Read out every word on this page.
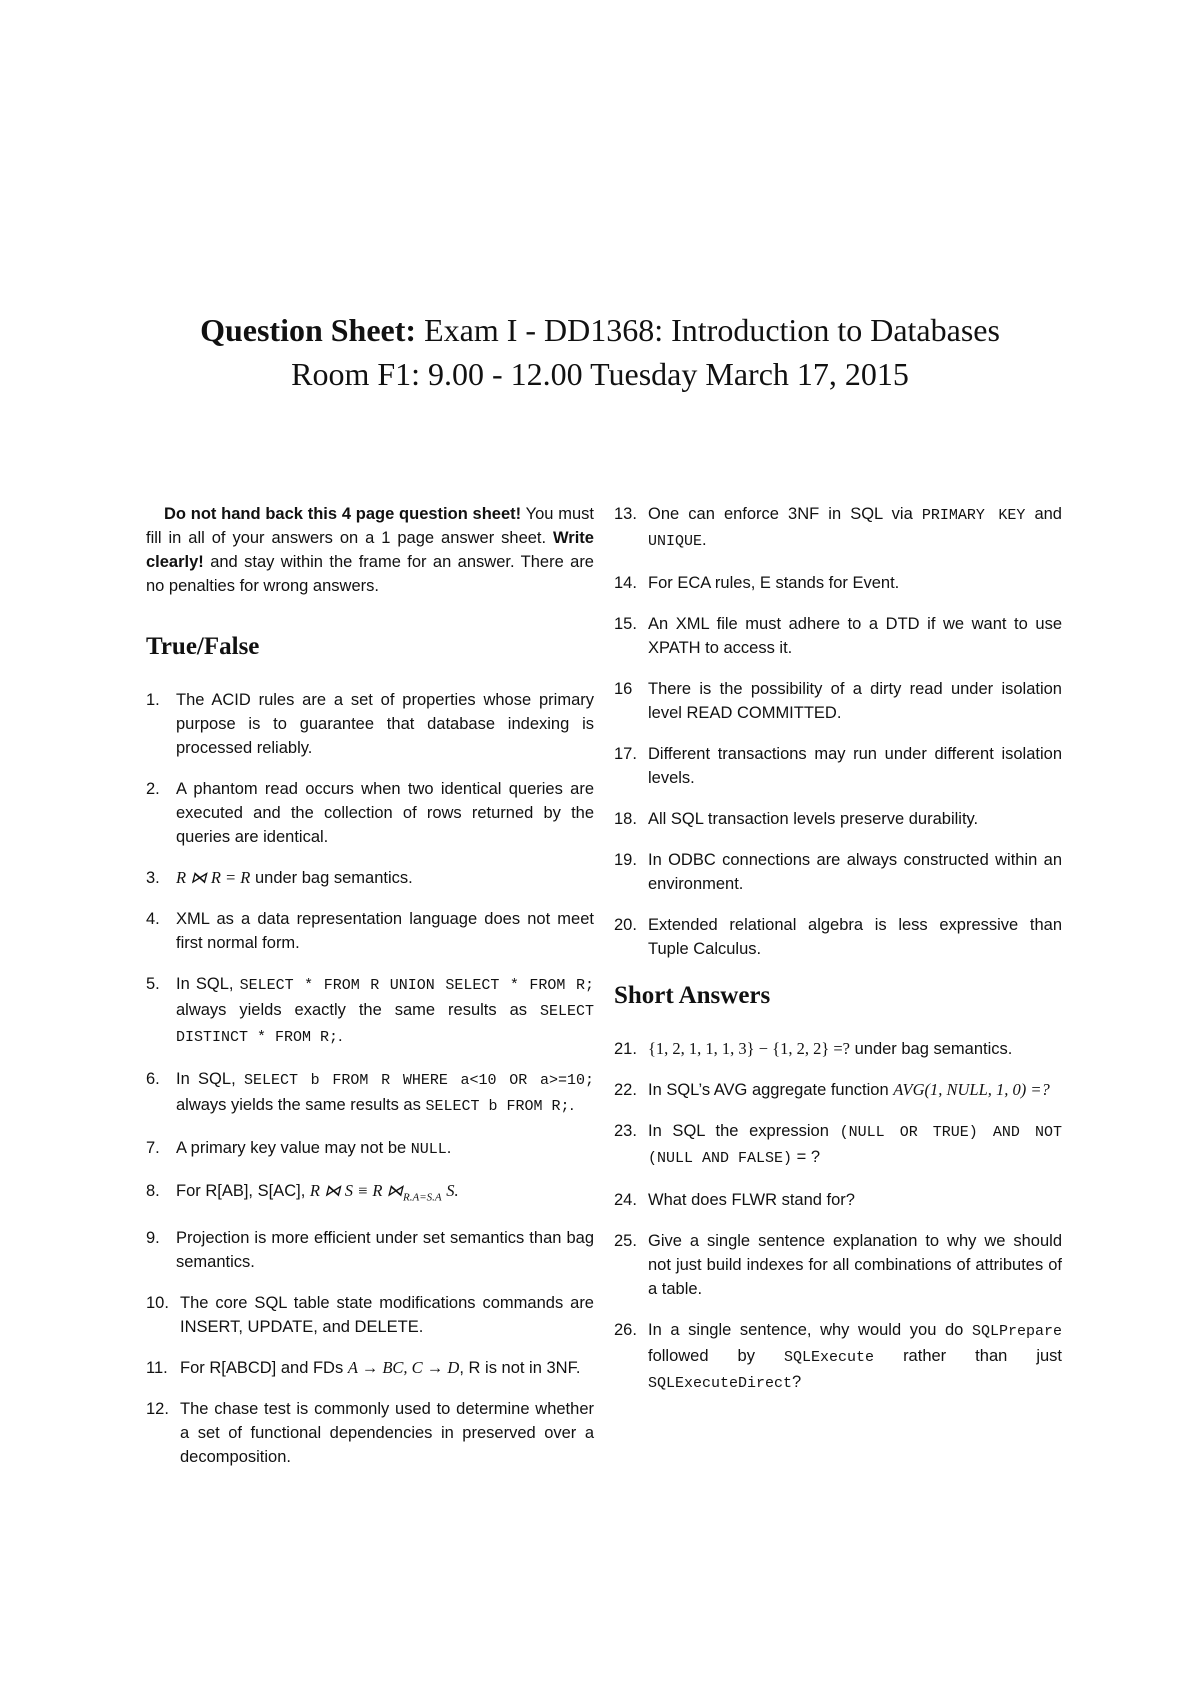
Question Sheet: Exam I - DD1368: Introduction to Databases
Room F1: 9.00 - 12.00 Tuesday March 17, 2015

Do not hand back this 4 page question sheet! You must fill in all of your answers on a 1 page answer sheet. Write clearly! and stay within the frame for an answer. There are no penalties for wrong answers.

True/False
1. The ACID rules are a set of properties whose primary purpose is to guarantee that database indexing is processed reliably.
2. A phantom read occurs when two identical queries are executed and the collection of rows returned by the queries are identical.
3. R ⋈ R = R under bag semantics.
4. XML as a data representation language does not meet first normal form.
5. In SQL, SELECT * FROM R UNION SELECT * FROM R; always yields exactly the same results as SELECT DISTINCT * FROM R;.
6. In SQL, SELECT b FROM R WHERE a<10 OR a>=10; always yields the same results as SELECT b FROM R;.
7. A primary key value may not be NULL.
8. For R[AB], S[AC], R ⋈ S ≡ R $⋈_{R.A=S.A}$ S.
9. Projection is more efficient under set semantics than bag semantics.
10. The core SQL table state modifications commands are INSERT, UPDATE, and DELETE.
11. For R[ABCD] and FDs A → BC, C → D, R is not in 3NF.
12. The chase test is commonly used to determine whether a set of functional dependencies in preserved over a decomposition.
13. One can enforce 3NF in SQL via PRIMARY KEY and UNIQUE.
14. For ECA rules, E stands for Event.
15. An XML file must adhere to a DTD if we want to use XPATH to access it.
16 There is the possibility of a dirty read under isolation level READ COMMITTED.
17. Different transactions may run under different isolation levels.
18. All SQL transaction levels preserve durability.
19. In ODBC connections are always constructed within an environment.
20. Extended relational algebra is less expressive than Tuple Calculus.
Short Answers
21. {1, 2, 1, 1, 1, 3} − {1, 2, 2} =? under bag semantics.
22. In SQL’s AVG aggregate function AVG(1, NULL, 1, 0) =?
23. In SQL the expression (NULL OR TRUE) AND NOT (NULL AND FALSE) = ?
24. What does FLWR stand for?
25. Give a single sentence explanation to why we should not just build indexes for all combinations of attributes of a table.
26. In a single sentence, why would you do SQLPrepare followed by SQLExecute rather than just SQLExecuteDirect?
